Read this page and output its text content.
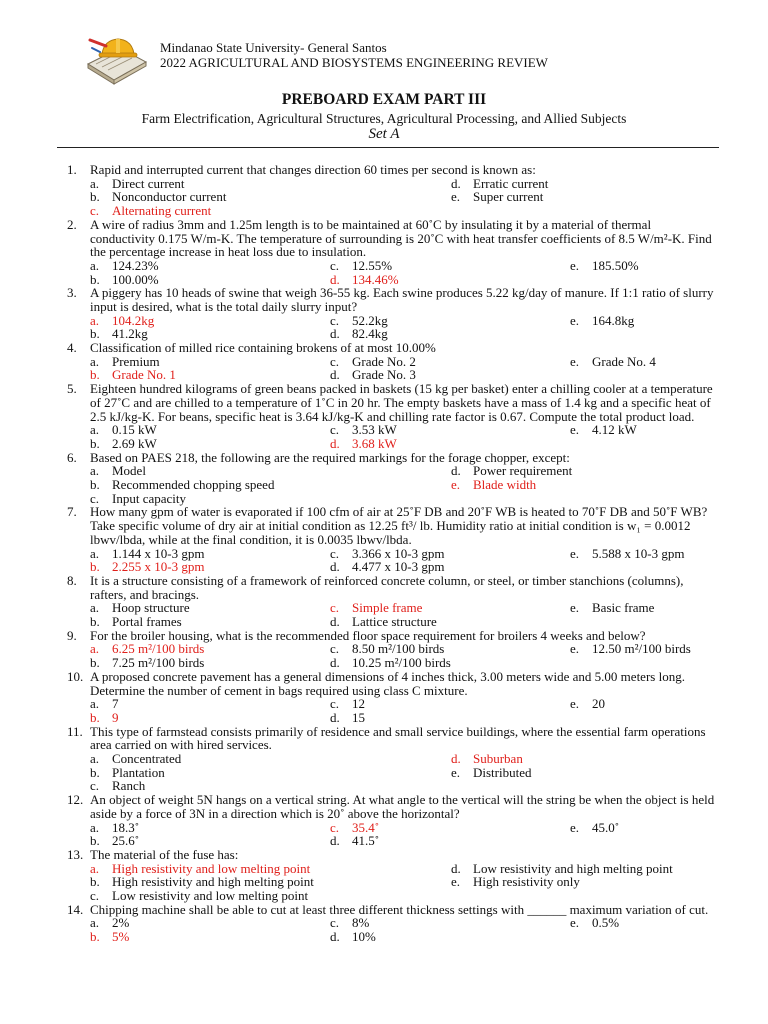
Mindanao State University- General Santos
2022 AGRICULTURAL AND BIOSYSTEMS ENGINEERING REVIEW
PREBOARD EXAM PART III
Farm Electrification, Agricultural Structures, Agricultural Processing, and Allied Subjects
Set A
1. Rapid and interrupted current that changes direction 60 times per second is known as:
a. Direct current
b. Nonconductor current
c. Alternating current
d. Erratic current
e. Super current
2. A wire of radius 3mm and 1.25m length is to be maintained at 60˚C by insulating it by a material of thermal conductivity 0.175 W/m-K. The temperature of surrounding is 20˚C with heat transfer coefficients of 8.5 W/m²-K. Find the percentage increase in heat loss due to insulation.
a. 124.23%
b. 100.00%
c. 12.55%
d. 134.46%
e. 185.50%
3. A piggery has 10 heads of swine that weigh 36-55 kg. Each swine produces 5.22 kg/day of manure. If 1:1 ratio of slurry input is desired, what is the total daily slurry input?
a. 104.2kg
b. 41.2kg
c. 52.2kg
d. 82.4kg
e. 164.8kg
4. Classification of milled rice containing brokens of at most 10.00%
a. Premium
b. Grade No. 1
c. Grade No. 2
d. Grade No. 3
e. Grade No. 4
5. Eighteen hundred kilograms of green beans packed in baskets (15 kg per basket) enter a chilling cooler at a temperature of 27˚C and are chilled to a temperature of 1˚C in 20 hr. The empty baskets have a mass of 1.4 kg and a specific heat of 2.5 kJ/kg-K. For beans, specific heat is 3.64 kJ/kg-K and chilling rate factor is 0.67. Compute the total product load.
a. 0.15 kW
b. 2.69 kW
c. 3.53 kW
d. 3.68 kW
e. 4.12 kW
6. Based on PAES 218, the following are the required markings for the forage chopper, except:
a. Model
b. Recommended chopping speed
c. Input capacity
d. Power requirement
e. Blade width
7. How many gpm of water is evaporated if 100 cfm of air at 25˚F DB and 20˚F WB is heated to 70˚F DB and 50˚F WB? Take specific volume of dry air at initial condition as 12.25 ft³/ lb. Humidity ratio at initial condition is w₁ = 0.0012 lbwv/lbda, while at the final condition, it is 0.0035 lbwv/lbda.
a. 1.144 x 10-3 gpm
b. 2.255 x 10-3 gpm
c. 3.366 x 10-3 gpm
d. 4.477 x 10-3 gpm
e. 5.588 x 10-3 gpm
8. It is a structure consisting of a framework of reinforced concrete column, or steel, or timber stanchions (columns), rafters, and bracings.
a. Hoop structure
b. Portal frames
c. Simple frame
d. Lattice structure
e. Basic frame
9. For the broiler housing, what is the recommended floor space requirement for broilers 4 weeks and below?
a. 6.25 m²/100 birds
b. 7.25 m²/100 birds
c. 8.50 m²/100 birds
d. 10.25 m²/100 birds
e. 12.50 m²/100 birds
10. A proposed concrete pavement has a general dimensions of 4 inches thick, 3.00 meters wide and 5.00 meters long. Determine the number of cement in bags required using class C mixture.
a. 7
b. 9
c. 12
d. 15
e. 20
11. This type of farmstead consists primarily of residence and small service buildings, where the essential farm operations area carried on with hired services.
a. Concentrated
b. Plantation
c. Ranch
d. Suburban
e. Distributed
12. An object of weight 5N hangs on a vertical string. At what angle to the vertical will the string be when the object is held aside by a force of 3N in a direction which is 20˚ above the horizontal?
a. 18.3˚
b. 25.6˚
c. 35.4˚
d. 41.5˚
e. 45.0˚
13. The material of the fuse has:
a. High resistivity and low melting point
b. High resistivity and high melting point
c. Low resistivity and low melting point
d. Low resistivity and high melting point
e. High resistivity only
14. Chipping machine shall be able to cut at least three different thickness settings with ______ maximum variation of cut.
a. 2%
b. 5%
c. 8%
d. 10%
e. 0.5%
